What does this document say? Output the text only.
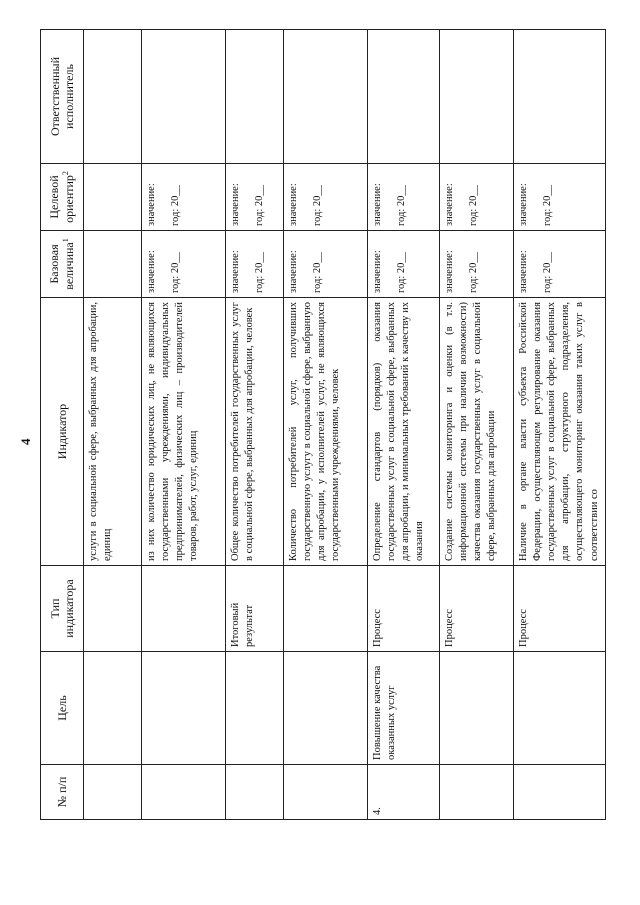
4
№ п/п	Цель	Тип индикатора	Индикатор	Базовая величина$^1$	Целевой ориентир$^2$	Ответственный исполнитель
			услуги в социальной сфере, выбранных для апробации, единиц	

			из них количество юридических лиц, не являющихся государственными учреждениями, индивидуальных предпринимателей, физических лиц – производителей товаров, работ, услуг, единиц	значение: год: 20__	значение: год: 20__	

		Итоговый результат	Общее количество потребителей государственных услуг в социальной сфере, выбранных для апробации, человек	значение: год: 20__	значение: год: 20__	

			Количество потребителей услуг, получивших государственную услугу в социальной сфере, выбранную для апробации, у исполнителей услуг, не являющихся государственными учреждениями, человек	значение: год: 20__	значение: год: 20__	

4.	Повышение качества оказанных услуг	Процесс	Определение стандартов (порядков) оказания государственных услуг в социальной сфере, выбранных для апробации, и минимальных требований к качеству их оказания	значение: год: 20__	значение: год: 20__	

		Процесс	Создание системы мониторинга и оценки (в т.ч. информационной системы при наличии возможности) качества оказания государственных услуг в социальной сфере, выбранных для апробации	значение: год: 20__	значение: год: 20__	

		Процесс	Наличие в органе власти субъекта Российской Федерации, осуществляющем регулирование оказания государственных услуг в социальной сфере, выбранных для апробации, структурного подразделения, осуществляющего мониторинг оказания таких услуг в соответствии со	значение: год: 20__	значение: год: 20__	
